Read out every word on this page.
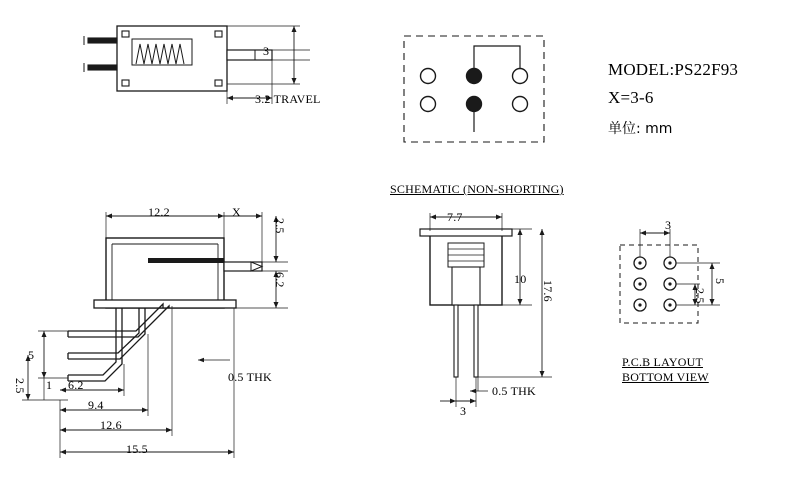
3.2 TRAVEL
3
SCHEMATIC (NON-SHORTING)
MODEL:PS22F93
X=3-6
单位: mm
12.2	X
2.5
6.2
0.5 THK
5
2.5 1 6.2
9.4
12.6
15.5
7.7
10
17.6
0.5 THK
3
3
5
2.5
P.C.B LAYOUT
BOTTOM VIEW
